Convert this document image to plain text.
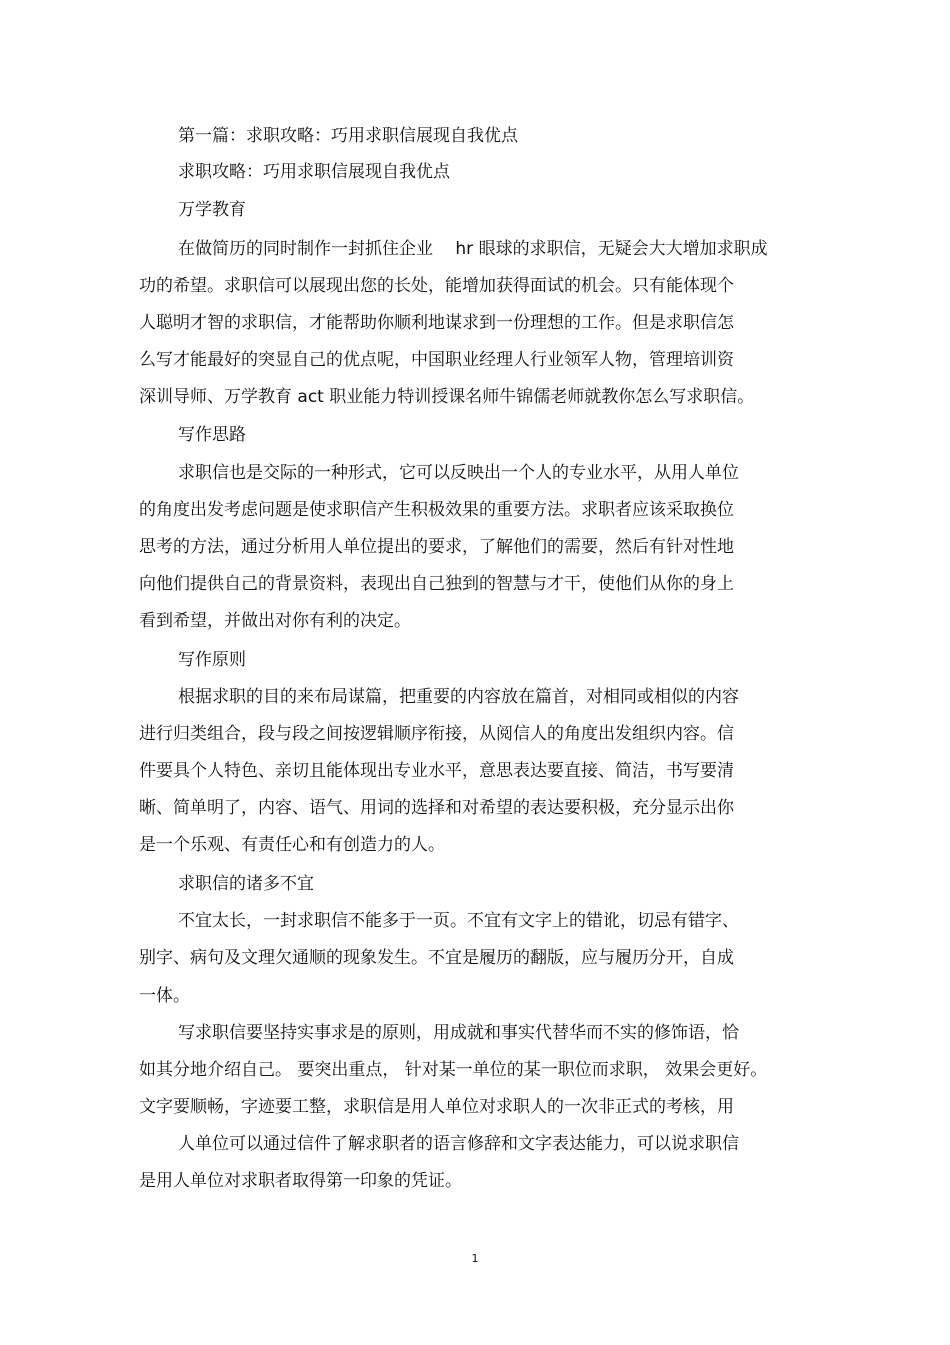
第一篇：求职攻略：巧用求职信展现自我优点
求职攻略：巧用求职信展现自我优点
万学教育
在做简历的同时制作一封抓住企业　 hr 眼球的求职信，无疑会大大增加求职成
功的希望。求职信可以展现出您的长处，能增加获得面试的机会。只有能体现个
人聪明才智的求职信，才能帮助你顺利地谋求到一份理想的工作。但是求职信怎
么写才能最好的突显自己的优点呢，中国职业经理人行业领军人物，管理培训资
深训导师、万学教育 act 职业能力特训授课名师牛锦儒老师就教你怎么写求职信。
写作思路
求职信也是交际的一种形式，它可以反映出一个人的专业水平，从用人单位
的角度出发考虑问题是使求职信产生积极效果的重要方法。求职者应该采取换位
思考的方法，通过分析用人单位提出的要求，了解他们的需要，然后有针对性地
向他们提供自己的背景资料，表现出自己独到的智慧与才干，使他们从你的身上
看到希望，并做出对你有利的决定。
写作原则
根据求职的目的来布局谋篇，把重要的内容放在篇首，对相同或相似的内容
进行归类组合，段与段之间按逻辑顺序衔接，从阅信人的角度出发组织内容。信
件要具个人特色、亲切且能体现出专业水平，意思表达要直接、简洁，书写要清
晰、简单明了，内容、语气、用词的选择和对希望的表达要积极，充分显示出你
是一个乐观、有责任心和有创造力的人。
求职信的诸多不宜
不宜太长，一封求职信不能多于一页。不宜有文字上的错讹，切忌有错字、
别字、病句及文理欠通顺的现象发生。不宜是履历的翻版，应与履历分开，自成
一体。
写求职信要坚持实事求是的原则，用成就和事实代替华而不实的修饰语，恰
如其分地介绍自己。 要突出重点， 针对某一单位的某一职位而求职， 效果会更好。
文字要顺畅，字迹要工整，求职信是用人单位对求职人的一次非正式的考核，用
人单位可以通过信件了解求职者的语言修辞和文字表达能力，可以说求职信
是用人单位对求职者取得第一印象的凭证。
1
